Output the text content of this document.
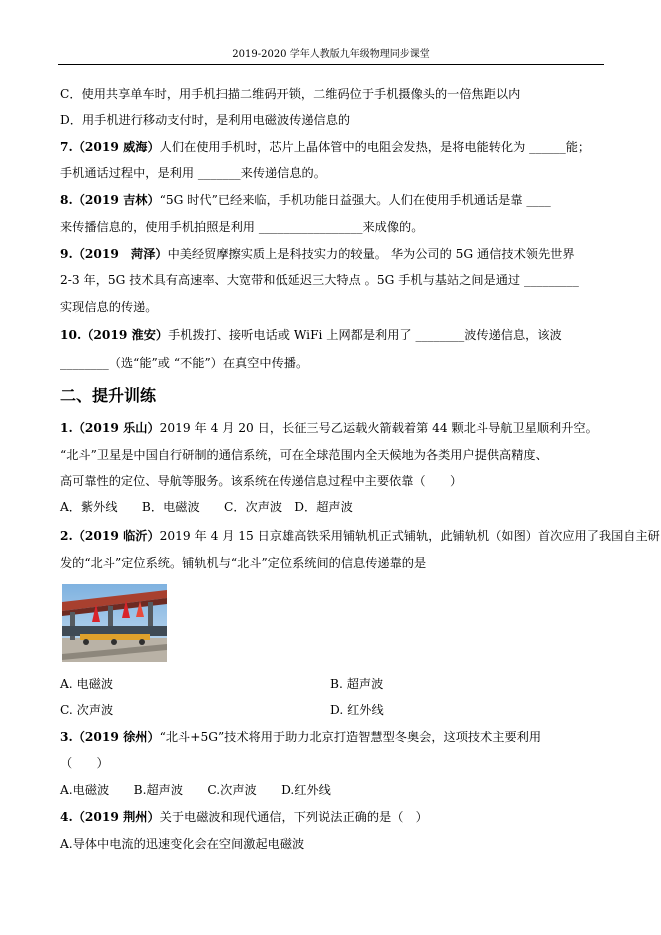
2019-2020 学年人教版九年级物理同步课堂
C．使用共享单车时，用手机扫描二维码开锁，二维码位于手机摄像头的一倍焦距以内
D．用手机进行移动支付时，是利用电磁波传递信息的
7.（2019 威海）人们在使用手机时，芯片上晶体管中的电阻会发热，是将电能转化为 ______能；
手机通话过程中，是利用 _______来传递信息的。
8.（2019 吉林）“5G 时代”已经来临，手机功能日益强大。人们在使用手机通话是靠 ____
来传播信息的，使用手机拍照是利用 _________________来成像的。
9.（2019　菏泽）中美经贸摩擦实质上是科技实力的较量。 华为公司的 5G 通信技术领先世界
2-3 年，5G 技术具有高速率、大宽带和低延迟三大特点 。5G 手机与基站之间是通过 _________
实现信息的传递。
10.（2019 淮安）手机拨打、接听电话或 WiFi 上网都是利用了 ________波传递信息，该波
________（选“能”或 “不能”）在真空中传播。
二、提升训练
1.（2019 乐山）2019 年 4 月 20 日，长征三号乙运载火箭载着第 44 颗北斗导航卫星顺利升空。
“北斗”卫星是中国自行研制的通信系统，可在全球范围内全天候地为各类用户提供高精度、
高可靠性的定位、导航等服务。该系统在传递信息过程中主要依靠（　　）
A．紫外线　　B．电磁波　　C．次声波　D．超声波
2.（2019 临沂）2019 年 4 月 15 日京雄高铁采用铺轨机正式铺轨，此铺轨机（如图）首次应用了我国自主研
发的“北斗”定位系统。铺轨机与“北斗”定位系统间的信息传递靠的是
A. 电磁波	B. 超声波
C. 次声波	D. 红外线
3.（2019 徐州）“北斗+5G”技术将用于助力北京打造智慧型冬奥会，这项技术主要利用
（　　）
A.电磁波　　B.超声波　　C.次声波　　D.红外线
4.（2019 荆州）关于电磁波和现代通信，下列说法正确的是（　）
A.导体中电流的迅速变化会在空间激起电磁波
